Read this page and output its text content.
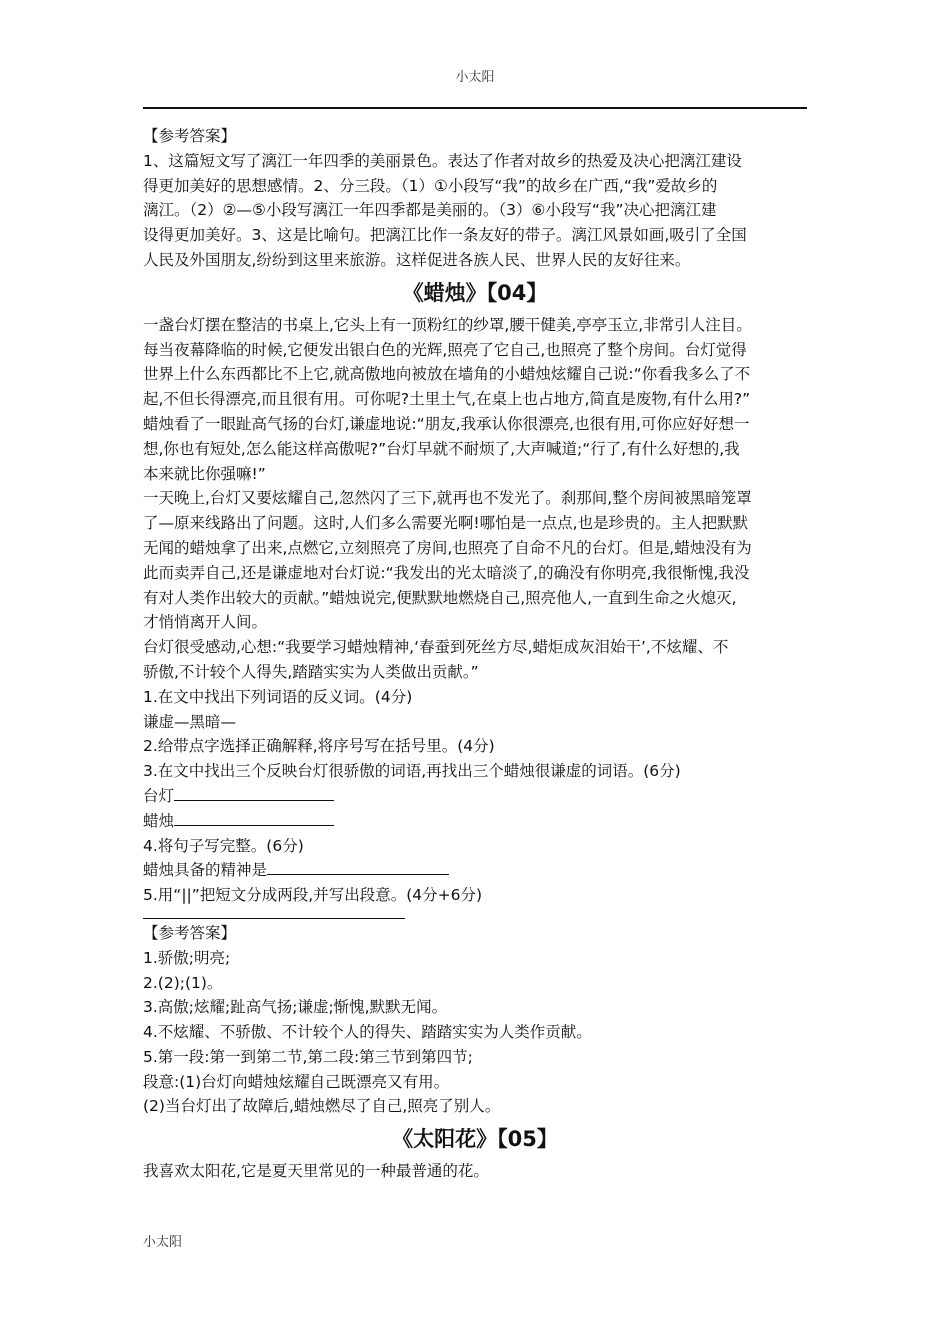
小太阳
【参考答案】
1、这篇短文写了漓江一年四季的美丽景色。表达了作者对故乡的热爱及决心把漓江建设
得更加美好的思想感情。2、分三段。（1）①小段写“我”的故乡在广西,“我”爱故乡的
漓江。（2）②—⑤小段写漓江一年四季都是美丽的。（3）⑥小段写“我”决心把漓江建
设得更加美好。3、这是比喻句。把漓江比作一条友好的带子。漓江风景如画,吸引了全国
人民及外国朋友,纷纷到这里来旅游。这样促进各族人民、世界人民的友好往来。
《蜡烛》【04】
一盏台灯摆在整洁的书桌上,它头上有一顶粉红的纱罩,腰干健美,亭亭玉立,非常引人注目。
每当夜幕降临的时候,它便发出银白色的光辉,照亮了它自己,也照亮了整个房间。台灯觉得
世界上什么东西都比不上它,就高傲地向被放在墙角的小蜡烛炫耀自己说:“你看我多么了不
起,不但长得漂亮,而且很有用。可你呢?土里土气,在桌上也占地方,简直是废物,有什么用?”
蜡烛看了一眼趾高气扬的台灯,谦虚地说:“朋友,我承认你很漂亮,也很有用,可你应好好想一
想,你也有短处,怎么能这样高傲呢?”台灯早就不耐烦了,大声喊道;“行了,有什么好想的,我
本来就比你强嘛!”
一天晚上,台灯又要炫耀自己,忽然闪了三下,就再也不发光了。刹那间,整个房间被黑暗笼罩
了—原来线路出了问题。这时,人们多么需要光啊!哪怕是一点点,也是珍贵的。主人把默默
无闻的蜡烛拿了出来,点燃它,立刻照亮了房间,也照亮了自命不凡的台灯。但是,蜡烛没有为
此而卖弄自己,还是谦虚地对台灯说:“我发出的光太暗淡了,的确没有你明亮,我很惭愧,我没
有对人类作出较大的贡献。”蜡烛说完,便默默地燃烧自己,照亮他人,一直到生命之火熄灭,
才悄悄离开人间。
台灯很受感动,心想:“我要学习蜡烛精神,‘春蚕到死丝方尽,蜡炬成灰泪始干’,不炫耀、不
骄傲,不计较个人得失,踏踏实实为人类做出贡献。”
1.在文中找出下列词语的反义词。(4分)
谦虚—黑暗—
2.给带点字选择正确解释,将序号写在括号里。(4分)
3.在文中找出三个反映台灯很骄傲的词语,再找出三个蜡烛很谦虚的词语。(6分)
台灯
蜡烛
4.将句子写完整。(6分)
蜡烛具备的精神是
5.用“||”把短文分成两段,并写出段意。(4分+6分)
【参考答案】
1.骄傲;明亮;
2.(2);(1)。
3.高傲;炫耀;趾高气扬;谦虚;惭愧,默默无闻。
4.不炫耀、不骄傲、不计较个人的得失、踏踏实实为人类作贡献。
5.第一段:第一到第二节,第二段:第三节到第四节;
段意:(1)台灯向蜡烛炫耀自己既漂亮又有用。
(2)当台灯出了故障后,蜡烛燃尽了自己,照亮了别人。
《太阳花》【05】
我喜欢太阳花,它是夏天里常见的一种最普通的花。
小太阳
